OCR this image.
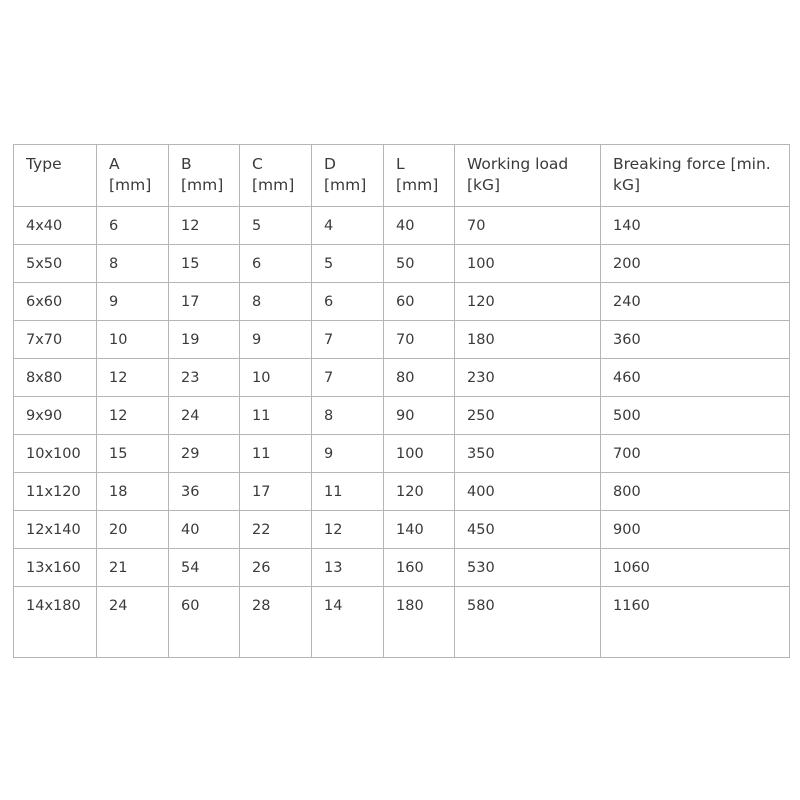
Type	A [mm]	B [mm]	C [mm]	D [mm]	L [mm]	Working load [kG]	Breaking force [min. kG]
4x40	6	12	5	4	40	70	140
5x50	8	15	6	5	50	100	200
6x60	9	17	8	6	60	120	240
7x70	10	19	9	7	70	180	360
8x80	12	23	10	7	80	230	460
9x90	12	24	11	8	90	250	500
10x100	15	29	11	9	100	350	700
11x120	18	36	17	11	120	400	800
12x140	20	40	22	12	140	450	900
13x160	21	54	26	13	160	530	1060
14x180	24	60	28	14	180	580	1160
